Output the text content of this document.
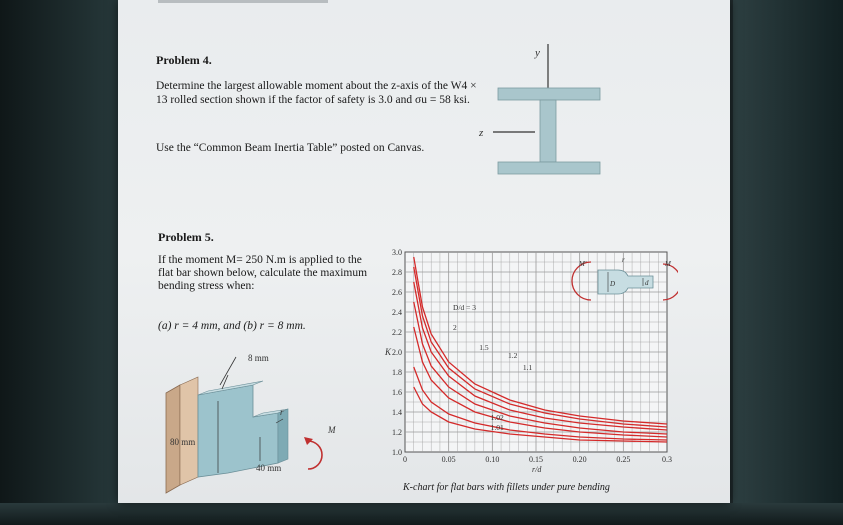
Problem 4.
Determine the largest allowable moment about the z-axis of the W4 × 13 rolled section shown if the factor of safety is 3.0 and σu = 58 ksi.
Use the “Common Beam Inertia Table” posted on Canvas.
y
z
Problem 5.
If the moment M= 250 N.m is applied to the flat bar shown below, calculate the maximum bending stress when:
(a) r = 4 mm, and (b) r = 8 mm.
8 mm
80 mm
r
40 mm
M
1.0
1.2
1.4
1.6
1.8
2.0
2.2
2.4
2.6
2.8
3.0
0	0.05	0.10	0.15	0.20	0.25	0.3
K
r/d
D/d = 3
2
1.5
1.2
1.1
1.02
1.01
M'	M
r
D	d
K-chart for flat bars with fillets under pure bending
